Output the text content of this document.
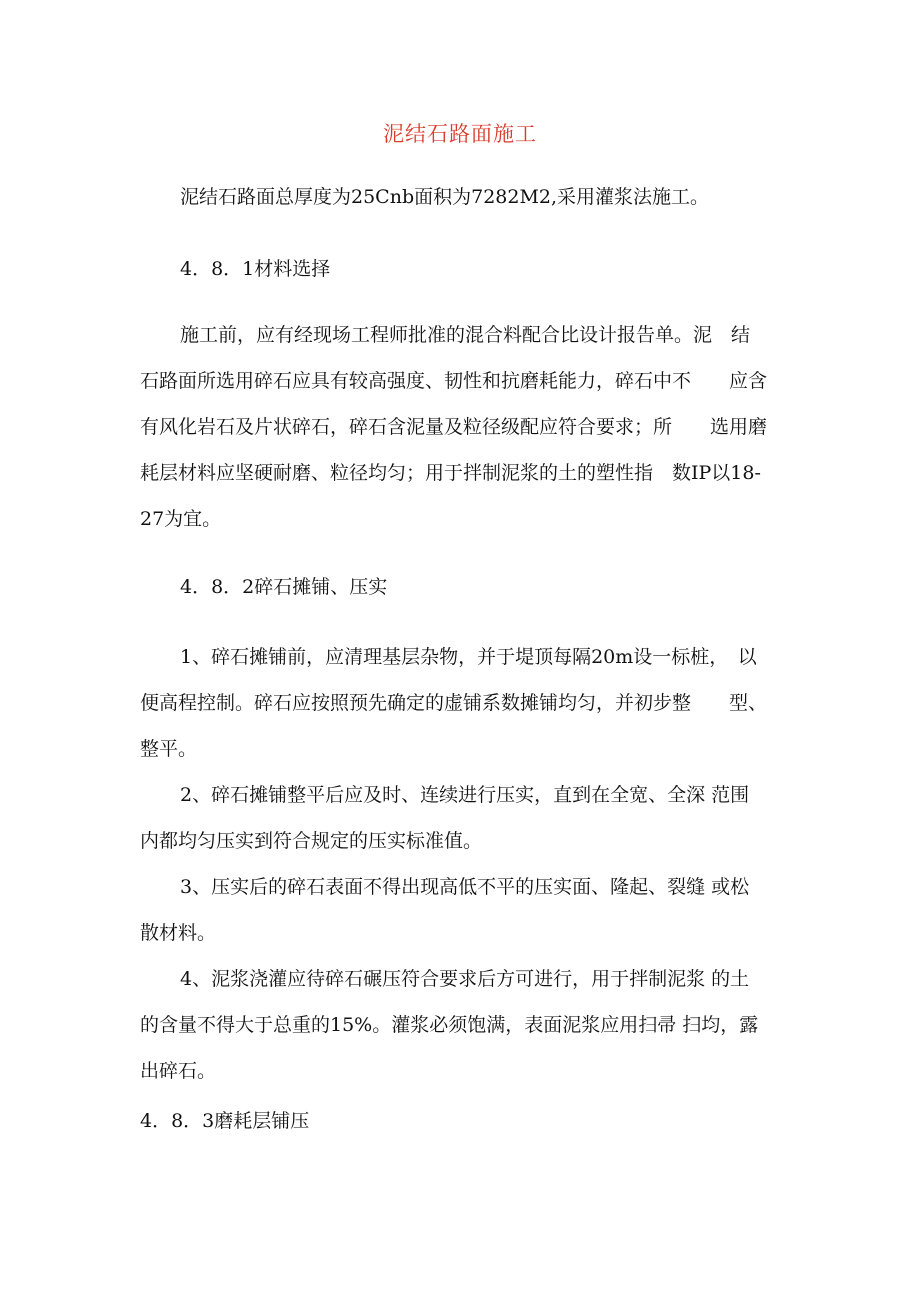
泥结石路面施工
泥结石路面总厚度为25Cnb面积为7282M2,采用灌浆法施工。
4．8．1材料选择
施工前，应有经现场工程师批准的混合料配合比设计报告单。泥　结
石路面所选用碎石应具有较高强度、韧性和抗磨耗能力，碎石中不　　应含
有风化岩石及片状碎石，碎石含泥量及粒径级配应符合要求；所　　选用磨
耗层材料应坚硬耐磨、粒径均匀；用于拌制泥浆的土的塑性指　数IP以18-
27为宜。
4．8．2碎石摊铺、压实
1、碎石摊铺前，应清理基层杂物，并于堤顶每隔20m设一标桩，　以
便高程控制。碎石应按照预先确定的虚铺系数摊铺均匀，并初步整　　型、
整平。
2、碎石摊铺整平后应及时、连续进行压实，直到在全宽、全深 范围
内都均匀压实到符合规定的压实标准值。
3、压实后的碎石表面不得出现高低不平的压实面、隆起、裂缝 或松
散材料。
4、泥浆浇灌应待碎石碾压符合要求后方可进行，用于拌制泥浆 的土
的含量不得大于总重的15%。灌浆必须饱满，表面泥浆应用扫帚 扫均，露
出碎石。
4．8．3磨耗层铺压
